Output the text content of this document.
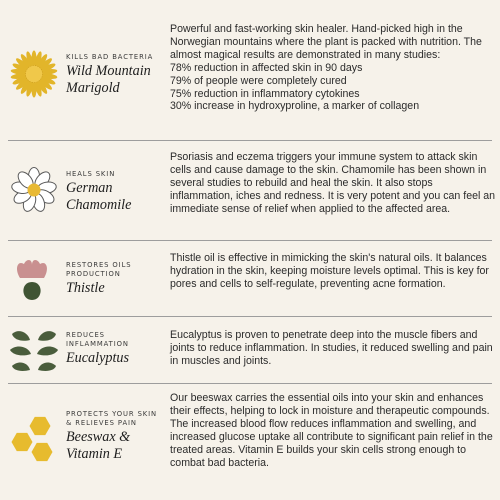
KILLS BAD BACTERIA
Wild Mountain
Marigold
Powerful and fast-working skin healer. Hand-picked high in the Norwegian mountains where the plant is packed with nutrition. The almost magical results are demonstrated in many studies:
78% reduction in affected skin in 90 days
79% of people were completely cured
75% reduction in inflammatory cytokines
30% increase in hydroxyproline, a marker of collagen
HEALS SKIN
German
Chamomile
Psoriasis and eczema triggers your immune system to attack skin cells and cause damage to the skin. Chamomile has been shown in several studies to rebuild and heal the skin. It also stops inflammation, iches and redness. It is very potent and you can feel an immediate sense of relief when applied to the affected area.
RESTORES OILS PRODUCTION
Thistle
Thistle oil is effective in mimicking the skin's natural oils. It balances hydration in the skin, keeping moisture levels optimal. This is key for pores and cells to self-regulate, preventing acne formation.
REDUCES INFLAMMATION
Eucalyptus
Eucalyptus is proven to penetrate deep into the muscle fibers and joints to reduce inflammation. In studies, it reduced swelling and pain in muscles and joints.
PROTECTS YOUR SKIN & RELIEVES PAIN
Beeswax &
Vitamin E
Our beeswax carries the essential oils into your skin and enhances their effects, helping to lock in moisture and therapeutic compounds. The increased blood flow reduces inflammation and swelling, and increased glucose uptake all contribute to significant pain relief in the treated areas. Vitamin E builds your skin cells strong enough to combat bad bacteria.
